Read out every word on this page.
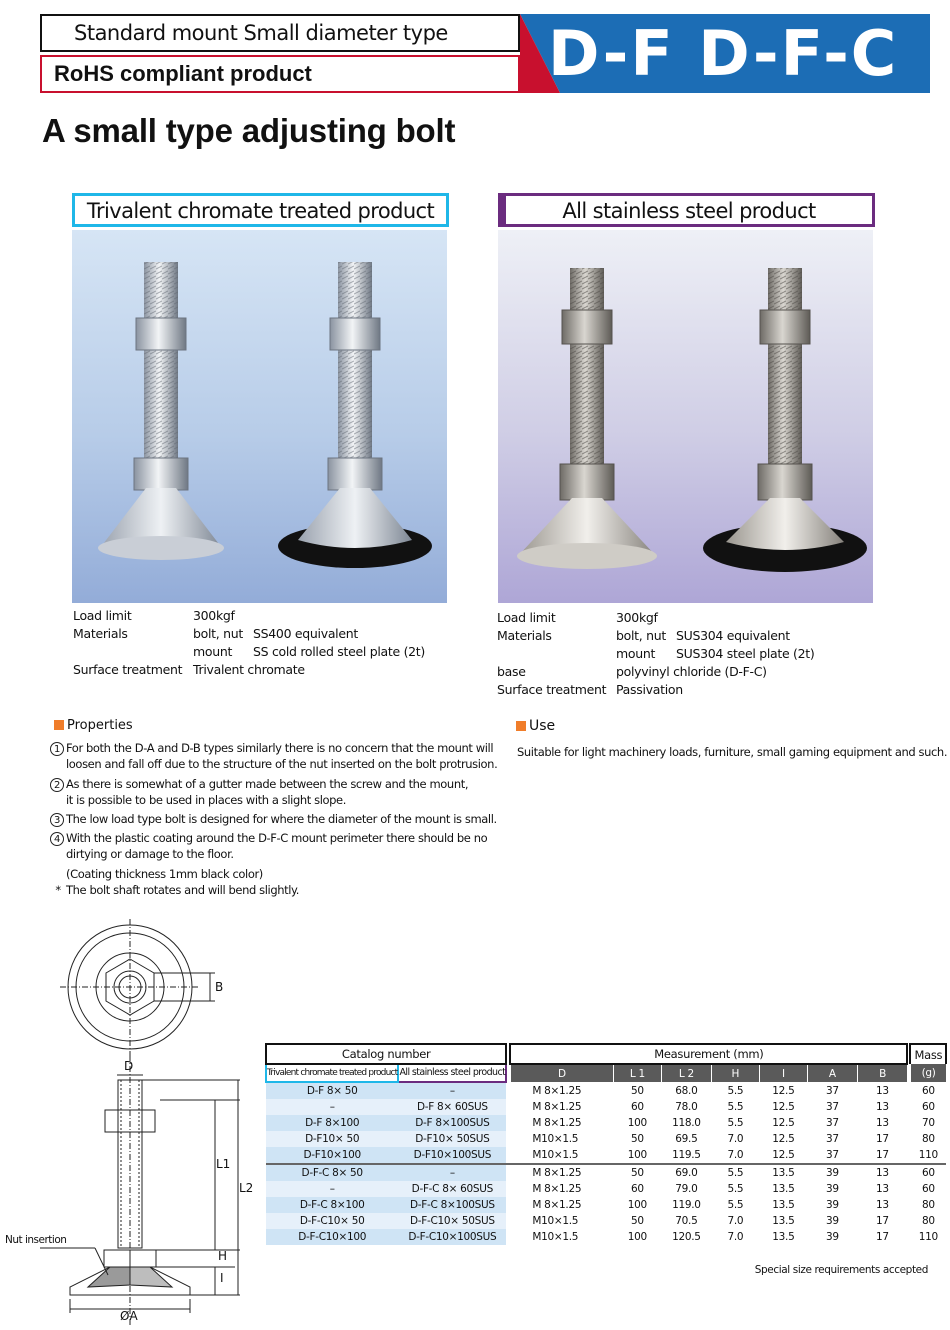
Standard mount Small diameter type
RoHS compliant product	D-F D-F-C
A small type adjusting bolt
Trivalent chromate treated product
Load limit	300kgf
Materials	bolt, nut SS400 equivalent
mount SS cold rolled steel plate (2t)
Surface treatment Trivalent chromate
All stainless steel product
Load limit	300kgf
Materials	bolt, nut SUS304 equivalent
mount SUS304 steel plate (2t)
base	polyvinyl chloride (D-F-C)
Surface treatment Passivation
Properties
1 For both the D-A and D-B types similarly there is no concern that the mount will
loosen and fall off due to the structure of the nut inserted on the bolt protrusion.
2 As there is somewhat of a gutter made between the screw and the mount,
it is possible to be used in places with a slight slope.
3 The low load type bolt is designed for where the diameter of the mount is small.
4 With the plastic coating around the D-F-C mount perimeter there should be no
dirtying or damage to the floor.
(Coating thickness 1mm black color)
* The bolt shaft rotates and will bend slightly.
Use
Suitable for light machinery loads, furniture, small gaming equipment and such.
B
D
L1
L2
H
I
ØA
Nut insertion
Catalog number			Measurement (mm)								Mass
Trivalent chromate treated product	All stainless steel product		D	L 1	L 2	H	I	A	B		(g)
D-F 8× 50	–		M 8×1.25	50	68.0	5.5	12.5	37	13		60
–	D-F 8× 60SUS		M 8×1.25	60	78.0	5.5	12.5	37	13		60
D-F 8×100	D-F 8×100SUS		M 8×1.25	100	118.0	5.5	12.5	37	13		70
D-F10× 50	D-F10× 50SUS		M10×1.5	50	69.5	7.0	12.5	37	17		80
D-F10×100	D-F10×100SUS		M10×1.5	100	119.5	7.0	12.5	37	17		110
D-F-C 8× 50	–		M 8×1.25	50	69.0	5.5	13.5	39	13		60
–	D-F-C 8× 60SUS		M 8×1.25	60	79.0	5.5	13.5	39	13		60
D-F-C 8×100	D-F-C 8×100SUS		M 8×1.25	100	119.0	5.5	13.5	39	13		80
D-F-C10× 50	D-F-C10× 50SUS		M10×1.5	50	70.5	7.0	13.5	39	17		80
D-F-C10×100	D-F-C10×100SUS		M10×1.5	100	120.5	7.0	13.5	39	17		110
Special size requirements accepted
